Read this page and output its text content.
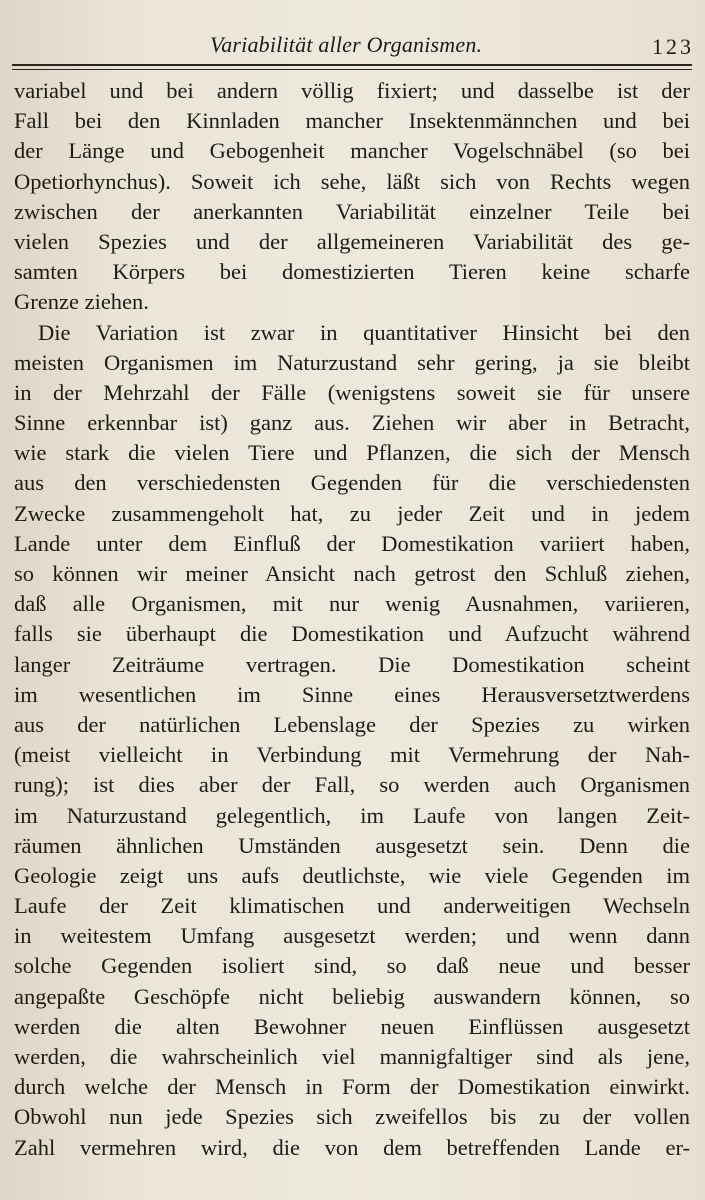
Variabilität aller Organismen.	123
variabel und bei andern völlig fixiert; und dasselbe ist der
Fall bei den Kinnladen mancher Insektenmännchen und bei
der Länge und Gebogenheit mancher Vogelschnäbel (so bei
Opetiorhynchus). Soweit ich sehe, läßt sich von Rechts wegen
zwischen der anerkannten Variabilität einzelner Teile bei
vielen Spezies und der allgemeineren Variabilität des ge-
samten Körpers bei domestizierten Tieren keine scharfe
Grenze ziehen.
Die Variation ist zwar in quantitativer Hinsicht bei den
meisten Organismen im Naturzustand sehr gering, ja sie bleibt
in der Mehrzahl der Fälle (wenigstens soweit sie für unsere
Sinne erkennbar ist) ganz aus. Ziehen wir aber in Betracht,
wie stark die vielen Tiere und Pflanzen, die sich der Mensch
aus den verschiedensten Gegenden für die verschiedensten
Zwecke zusammengeholt hat, zu jeder Zeit und in jedem
Lande unter dem Einfluß der Domestikation variiert haben,
so können wir meiner Ansicht nach getrost den Schluß ziehen,
daß alle Organismen, mit nur wenig Ausnahmen, variieren,
falls sie überhaupt die Domestikation und Aufzucht während
langer Zeiträume vertragen. Die Domestikation scheint
im wesentlichen im Sinne eines Herausversetztwerdens
aus der natürlichen Lebenslage der Spezies zu wirken
(meist vielleicht in Verbindung mit Vermehrung der Nah-
rung); ist dies aber der Fall, so werden auch Organismen
im Naturzustand gelegentlich, im Laufe von langen Zeit-
räumen ähnlichen Umständen ausgesetzt sein. Denn die
Geologie zeigt uns aufs deutlichste, wie viele Gegenden im
Laufe der Zeit klimatischen und anderweitigen Wechseln
in weitestem Umfang ausgesetzt werden; und wenn dann
solche Gegenden isoliert sind, so daß neue und besser
angepaßte Geschöpfe nicht beliebig auswandern können, so
werden die alten Bewohner neuen Einflüssen ausgesetzt
werden, die wahrscheinlich viel mannigfaltiger sind als jene,
durch welche der Mensch in Form der Domestikation einwirkt.
Obwohl nun jede Spezies sich zweifellos bis zu der vollen
Zahl vermehren wird, die von dem betreffenden Lande er-
